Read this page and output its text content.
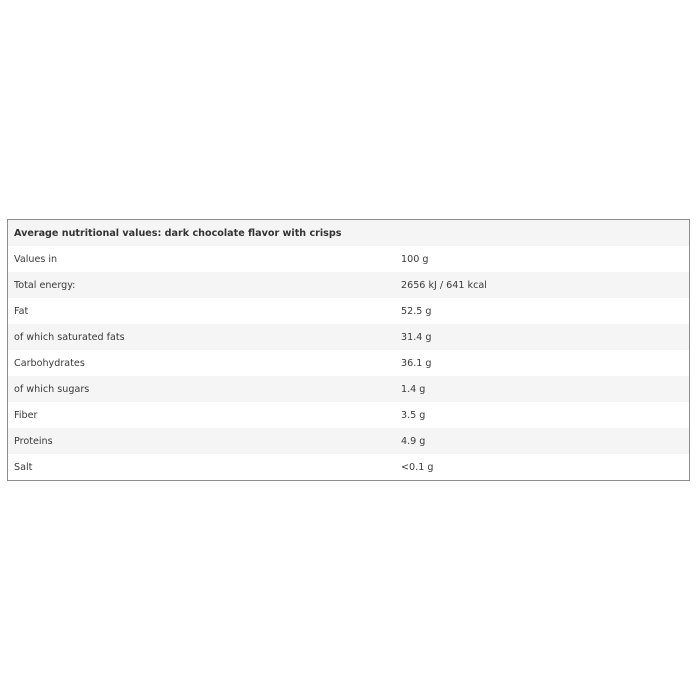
Average nutritional values: dark chocolate flavor with crisps	
Values in	100 g
Total energy:	2656 kJ / 641 kcal
Fat	52.5 g
of which saturated fats	31.4 g
Carbohydrates	36.1 g
of which sugars	1.4 g
Fiber	3.5 g
Proteins	4.9 g
Salt	<0.1 g
